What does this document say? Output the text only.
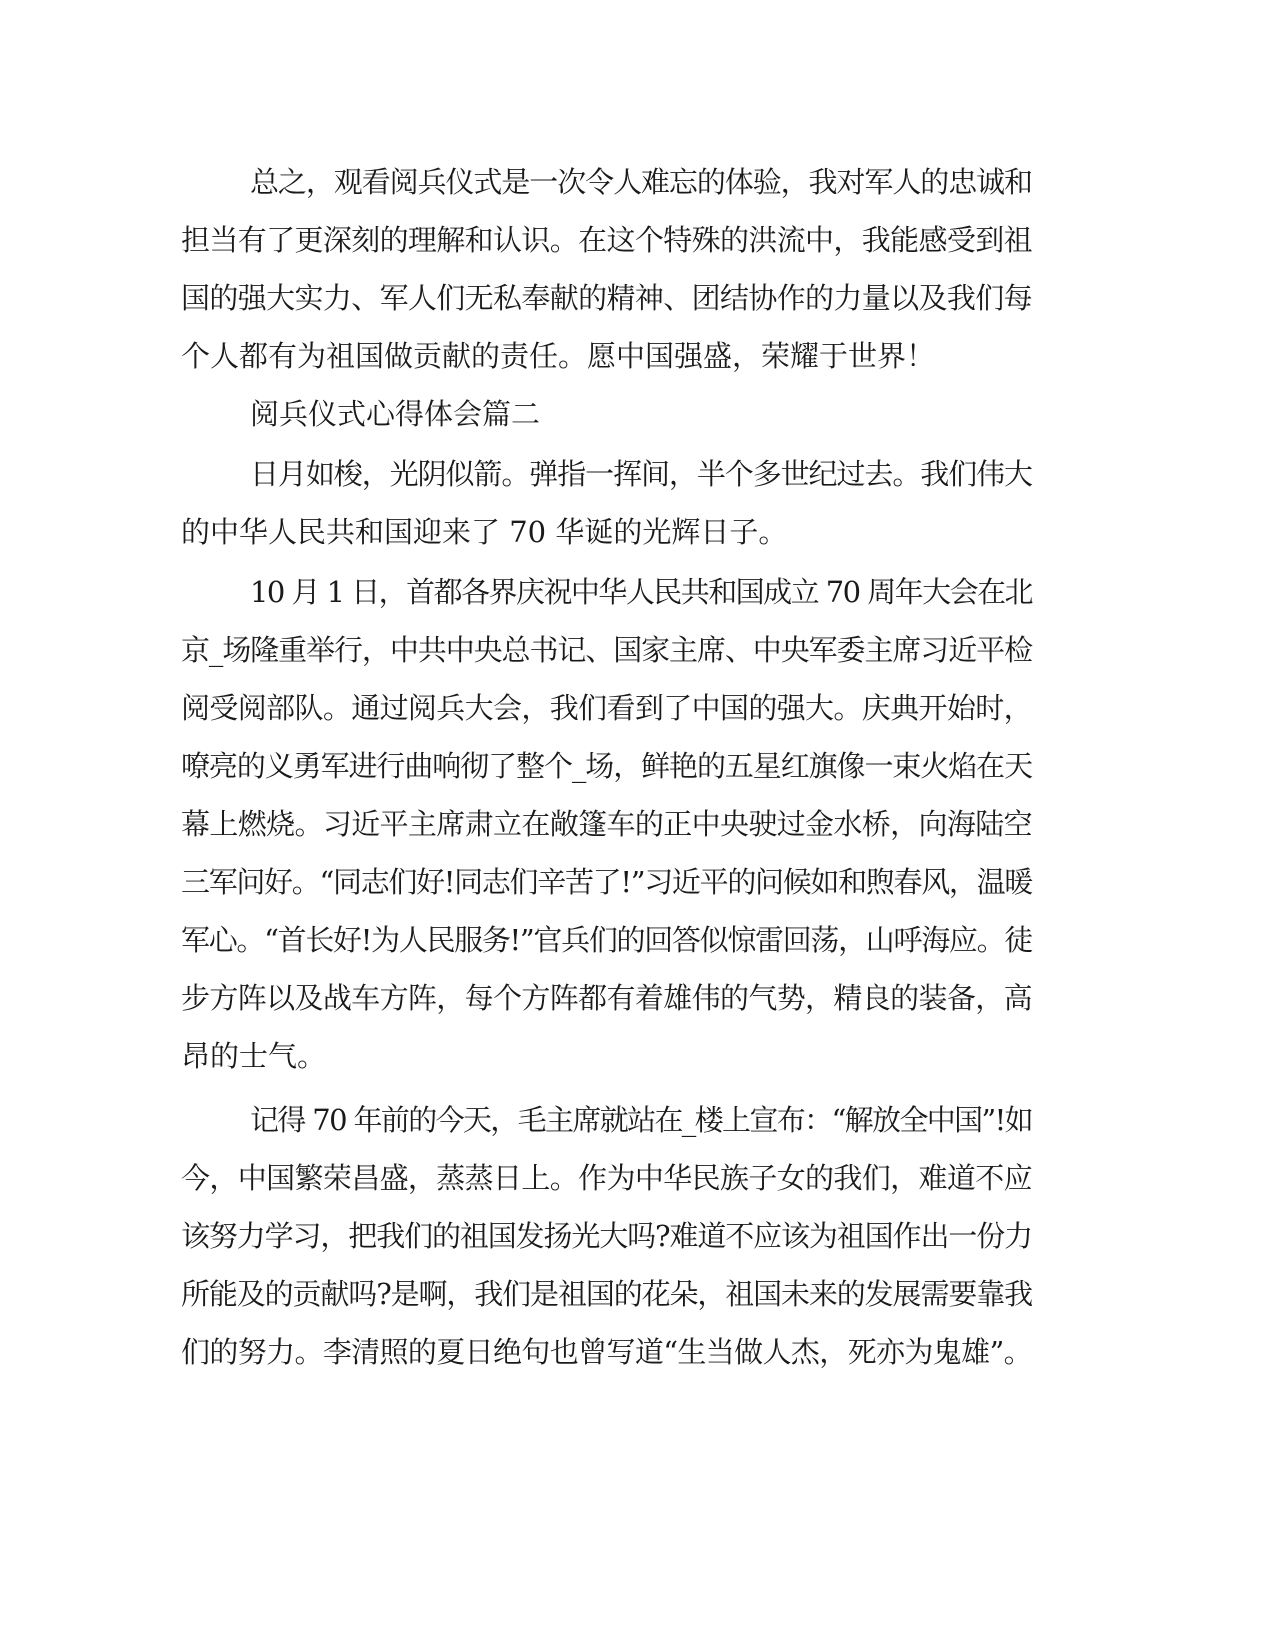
总之，观看阅兵仪式是一次令人难忘的体验，我对军人的忠诚和
担当有了更深刻的理解和认识。在这个特殊的洪流中，我能感受到祖
国的强大实力、军人们无私奉献的精神、团结协作的力量以及我们每
个人都有为祖国做贡献的责任。愿中国强盛，荣耀于世界！
阅兵仪式心得体会篇二
日月如梭，光阴似箭。弹指一挥间，半个多世纪过去。我们伟大
的中华人民共和国迎来了 70 华诞的光辉日子。
10 月 1 日，首都各界庆祝中华人民共和国成立 70 周年大会在北
京_场隆重举行，中共中央总书记、国家主席、中央军委主席习近平检
阅受阅部队。通过阅兵大会，我们看到了中国的强大。庆典开始时，
嘹亮的义勇军进行曲响彻了整个_场，鲜艳的五星红旗像一束火焰在天
幕上燃烧。习近平主席肃立在敞篷车的正中央驶过金水桥，向海陆空
三军问好。“同志们好!同志们辛苦了!”习近平的问候如和煦春风，温暖
军心。“首长好!为人民服务!”官兵们的回答似惊雷回荡，山呼海应。徒
步方阵以及战车方阵，每个方阵都有着雄伟的气势，精良的装备，高
昂的士气。
记得 70 年前的今天，毛主席就站在_楼上宣布：“解放全中国”!如
今，中国繁荣昌盛，蒸蒸日上。作为中华民族子女的我们，难道不应
该努力学习，把我们的祖国发扬光大吗?难道不应该为祖国作出一份力
所能及的贡献吗?是啊，我们是祖国的花朵，祖国未来的发展需要靠我
们的努力。李清照的夏日绝句也曾写道“生当做人杰，死亦为鬼雄”。
